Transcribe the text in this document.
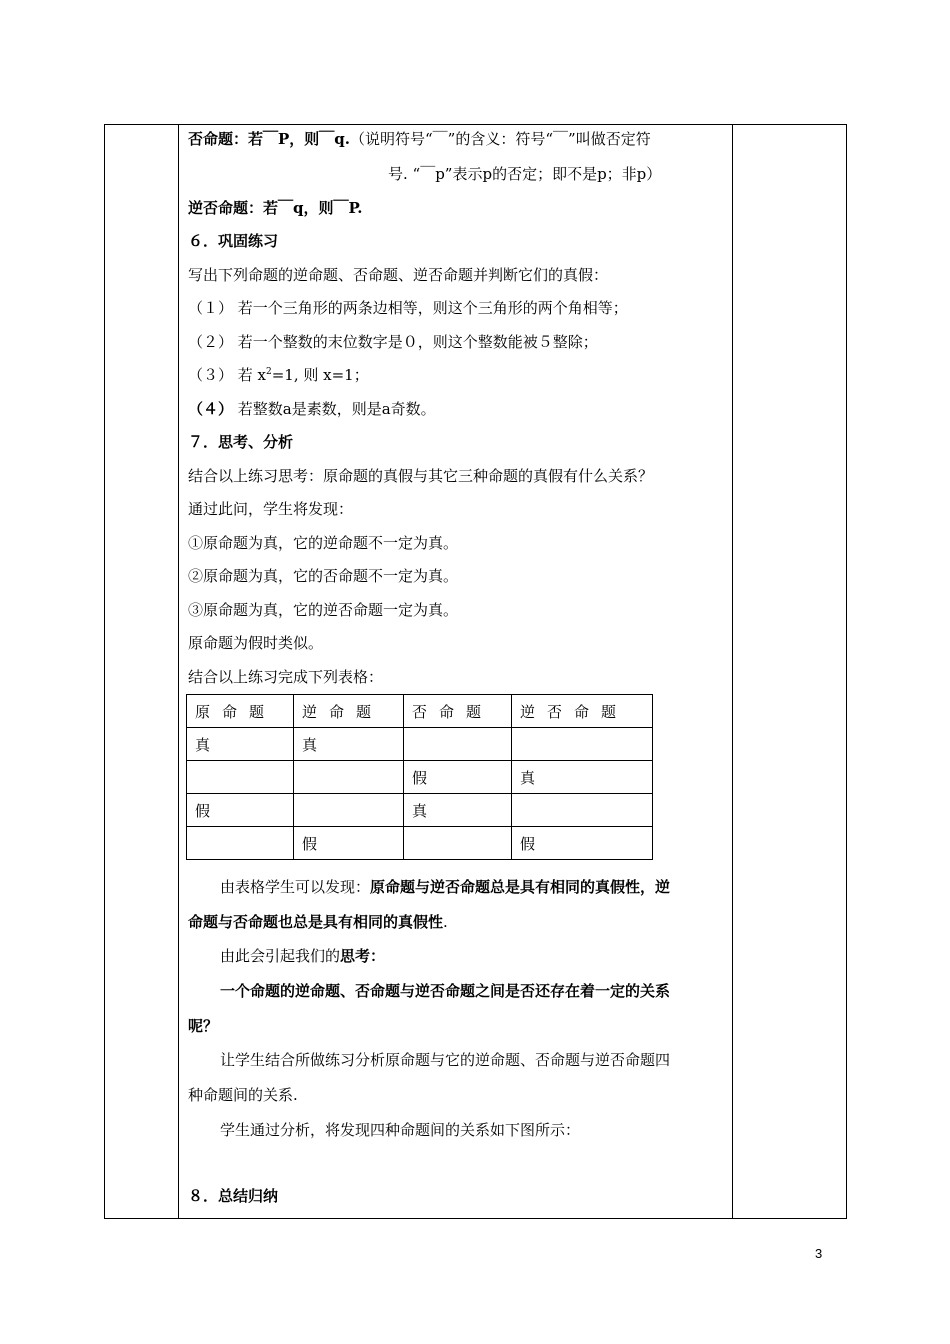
否命题：若￣P，则￣q.（说明符号“￣”的含义：符号“￣”叫做否定符
号. “￣p”表示p的否定；即不是p；非p）
逆否命题：若￣q，则￣P.
６．巩固练习
写出下列命题的逆命题、否命题、逆否命题并判断它们的真假：
（１） 若一个三角形的两条边相等，则这个三角形的两个角相等；
（２） 若一个整数的末位数字是０，则这个整数能被５整除；
（３） 若 $x^2=1$, 则 x=1；
（４） 若整数a是素数，则是a奇数。
７．思考、分析
结合以上练习思考：原命题的真假与其它三种命题的真假有什么关系？
通过此问，学生将发现：
①原命题为真，它的逆命题不一定为真。
②原命题为真，它的否命题不一定为真。
③原命题为真，它的逆否命题一定为真。
原命题为假时类似。
结合以上练习完成下列表格：
由表格学生可以发现：原命题与逆否命题总是具有相同的真假性，逆
命题与否命题也总是具有相同的真假性.
由此会引起我们的思考：
一个命题的逆命题、否命题与逆否命题之间是否还存在着一定的关系
呢？
让学生结合所做练习分析原命题与它的逆命题、否命题与逆否命题四
种命题间的关系.
学生通过分析，将发现四种命题间的关系如下图所示：
８．总结归纳
原命题	逆命题	否命题	逆否命题
真	真		
		假	真
假		真	
	假		假
3
